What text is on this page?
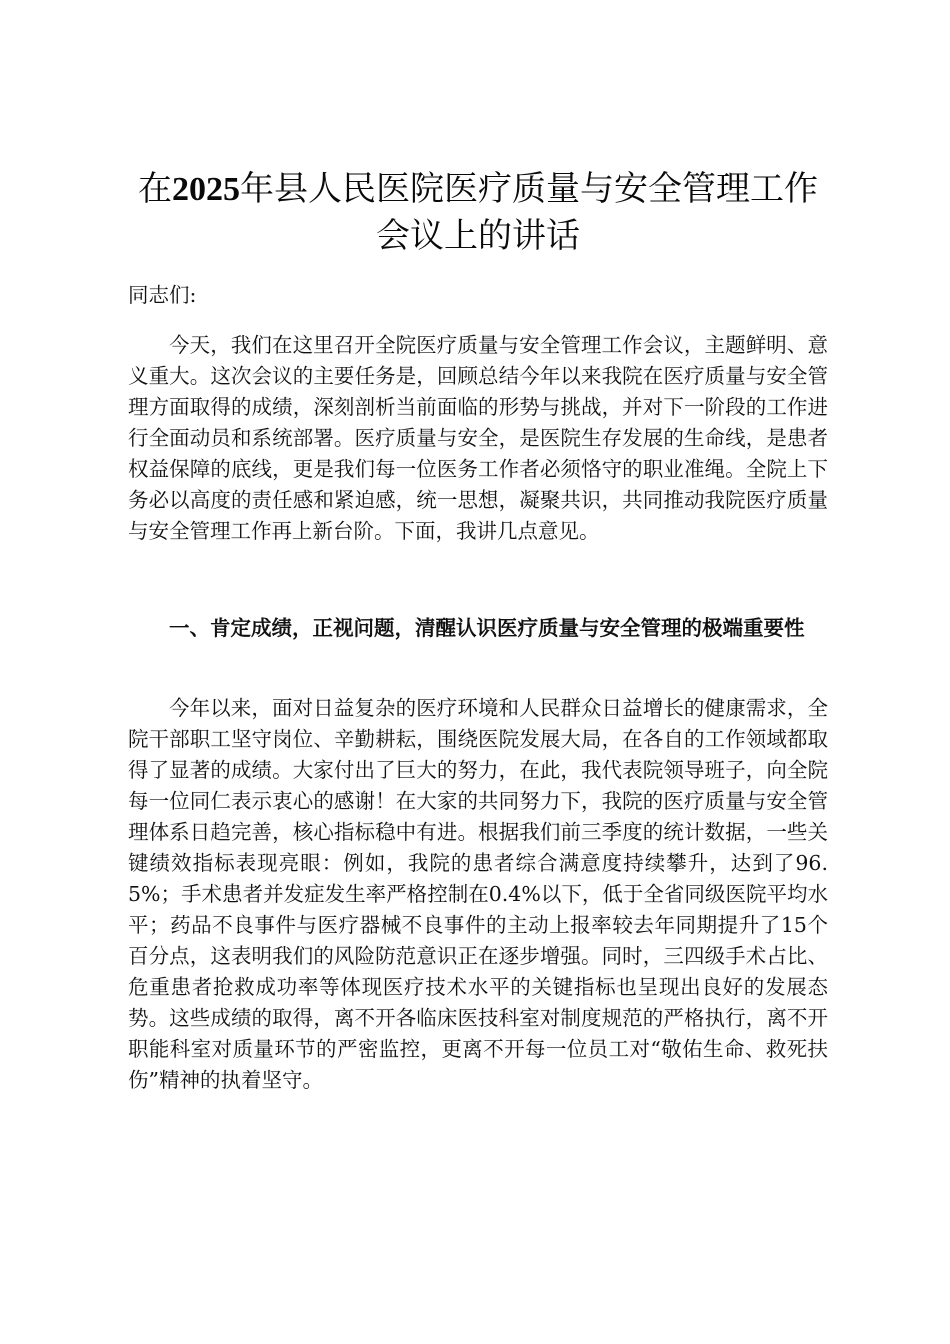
在2025年县人民医院医疗质量与安全管理工作会议上的讲话

同志们:

今天，我们在这里召开全院医疗质量与安全管理工作会议，主题鲜明、意义重大。这次会议的主要任务是，回顾总结今年以来我院在医疗质量与安全管理方面取得的成绩，深刻剖析当前面临的形势与挑战，并对下一阶段的工作进行全面动员和系统部署。医疗质量与安全，是医院生存发展的生命线，是患者权益保障的底线，更是我们每一位医务工作者必须恪守的职业准绳。全院上下务必以高度的责任感和紧迫感，统一思想，凝聚共识，共同推动我院医疗质量与安全管理工作再上新台阶。下面，我讲几点意见。

一、肯定成绩，正视问题，清醒认识医疗质量与安全管理的极端重要性

今年以来，面对日益复杂的医疗环境和人民群众日益增长的健康需求，全院干部职工坚守岗位、辛勤耕耘，围绕医院发展大局，在各自的工作领域都取得了显著的成绩。大家付出了巨大的努力，在此，我代表院领导班子，向全院每一位同仁表示衷心的感谢！在大家的共同努力下，我院的医疗质量与安全管理体系日趋完善，核心指标稳中有进。根据我们前三季度的统计数据，一些关键绩效指标表现亮眼：例如，我院的患者综合满意度持续攀升，达到了96.5%；手术患者并发症发生率严格控制在0.4%以下，低于全省同级医院平均水平；药品不良事件与医疗器械不良事件的主动上报率较去年同期提升了15个百分点，这表明我们的风险防范意识正在逐步增强。同时，三四级手术占比、危重患者抢救成功率等体现医疗技术水平的关键指标也呈现出良好的发展态势。这些成绩的取得，离不开各临床医技科室对制度规范的严格执行，离不开职能科室对质量环节的严密监控，更离不开每一位员工对“敬佑生命、救死扶伤”精神的执着坚守。
